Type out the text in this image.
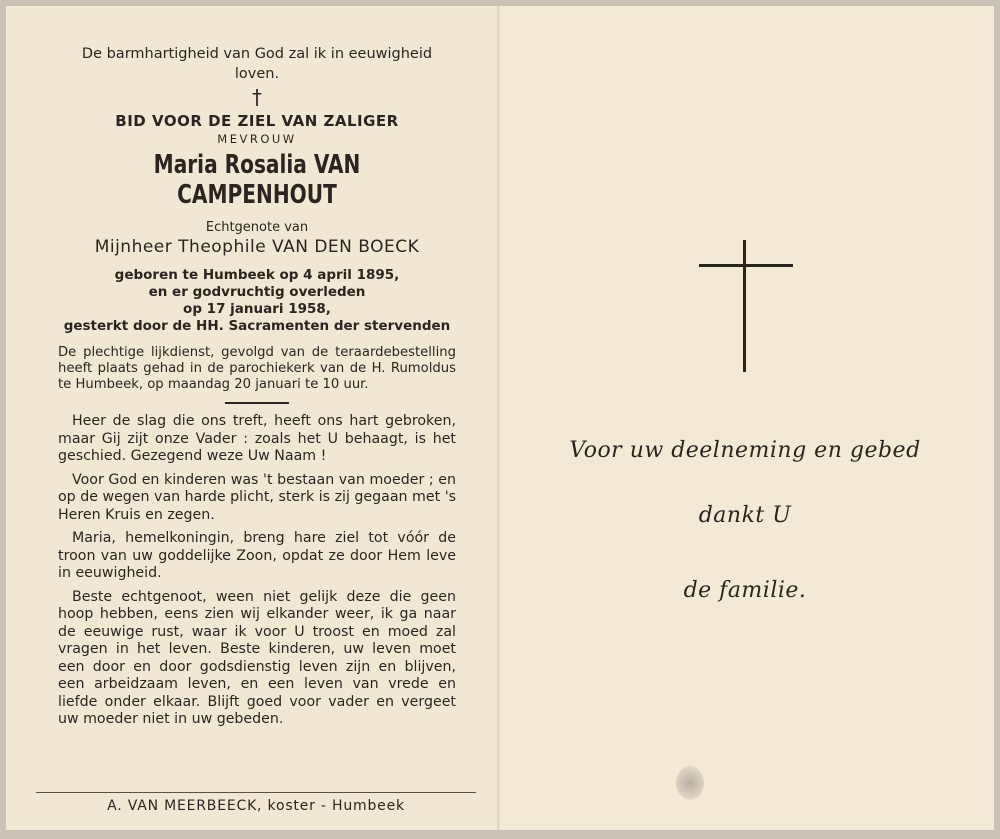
De barmhartigheid van God zal ik in eeuwigheid loven.
†
BID VOOR DE ZIEL VAN ZALIGER
MEVROUW
Maria Rosalia VAN CAMPENHOUT
Echtgenote van
Mijnheer Theophile VAN DEN BOECK
geboren te Humbeek op 4 april 1895,
en er godvruchtig overleden
op 17 januari 1958,
gesterkt door de HH. Sacramenten der stervenden
De plechtige lijkdienst, gevolgd van de teraardebestelling heeft plaats gehad in de parochiekerk van de H. Rumoldus te Humbeek, op maandag 20 januari te 10 uur.
Heer de slag die ons treft, heeft ons hart gebroken, maar Gij zijt onze Vader : zoals het U behaagt, is het geschied. Gezegend weze Uw Naam !
Voor God en kinderen was 't bestaan van moeder ; en op de wegen van harde plicht, sterk is zij gegaan met 's Heren Kruis en zegen.
Maria, hemelkoningin, breng hare ziel tot vóór de troon van uw goddelijke Zoon, opdat ze door Hem leve in eeuwigheid.
Beste echtgenoot, ween niet gelijk deze die geen hoop hebben, eens zien wij elkander weer, ik ga naar de eeuwige rust, waar ik voor U troost en moed zal vragen in het leven. Beste kinderen, uw leven moet een door en door godsdienstig leven zijn en blijven, een arbeidzaam leven, en een leven van vrede en liefde onder elkaar. Blijft goed voor vader en vergeet uw moeder niet in uw gebeden.
A. VAN MEERBEECK, koster - Humbeek
Voor uw deelneming en gebed
dankt U
de familie.
